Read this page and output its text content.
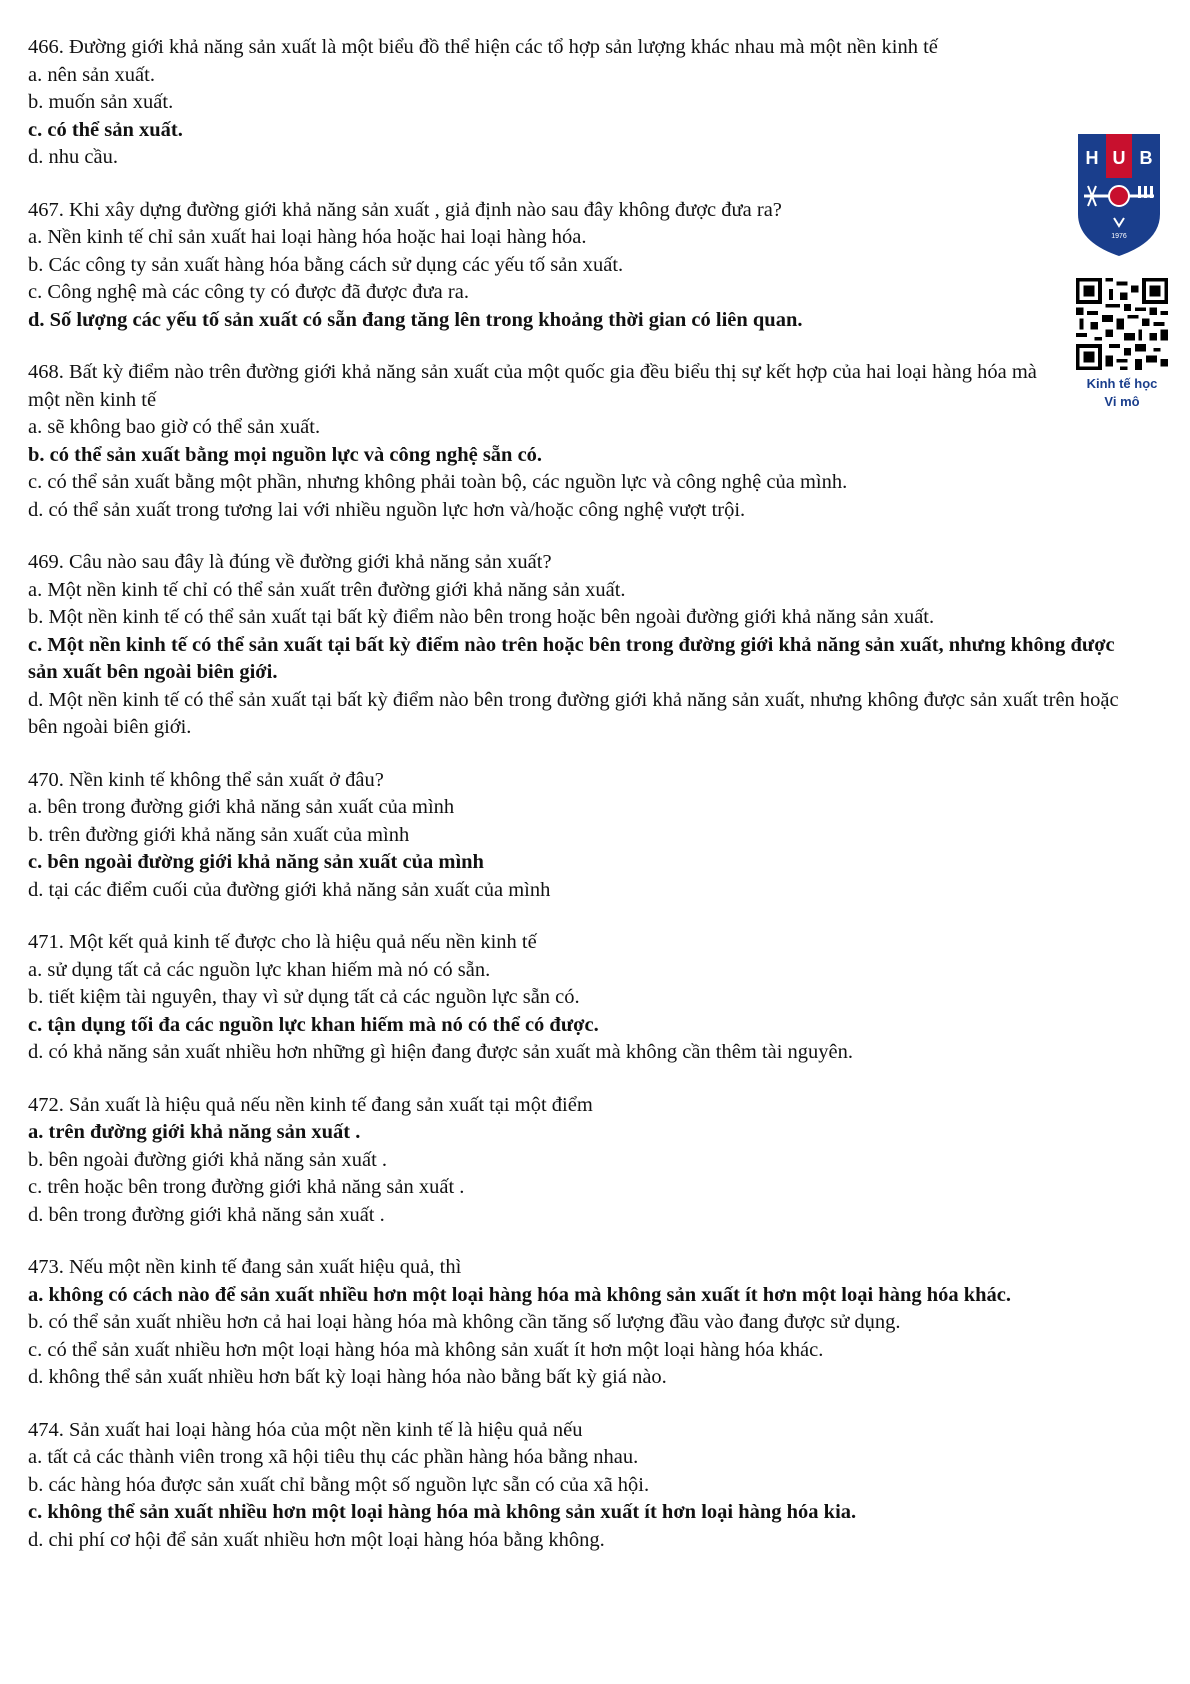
466. Đường giới khả năng sản xuất là một biểu đồ thể hiện các tổ hợp sản lượng khác nhau mà một nền kinh tế
a. nên sản xuất.
b. muốn sản xuất.
c. có thể sản xuất.
d. nhu cầu.
467. Khi xây dựng đường giới khả năng sản xuất , giả định nào sau đây không được đưa ra?
a. Nền kinh tế chỉ sản xuất hai loại hàng hóa hoặc hai loại hàng hóa.
b. Các công ty sản xuất hàng hóa bằng cách sử dụng các yếu tố sản xuất.
c. Công nghệ mà các công ty có được đã được đưa ra.
d. Số lượng các yếu tố sản xuất có sẵn đang tăng lên trong khoảng thời gian có liên quan.
468. Bất kỳ điểm nào trên đường giới khả năng sản xuất của một quốc gia đều biểu thị sự kết hợp của hai loại hàng hóa mà một nền kinh tế
a. sẽ không bao giờ có thể sản xuất.
b. có thể sản xuất bằng mọi nguồn lực và công nghệ sẵn có.
c. có thể sản xuất bằng một phần, nhưng không phải toàn bộ, các nguồn lực và công nghệ của mình.
d. có thể sản xuất trong tương lai với nhiều nguồn lực hơn và/hoặc công nghệ vượt trội.
469. Câu nào sau đây là đúng về đường giới khả năng sản xuất?
a. Một nền kinh tế chỉ có thể sản xuất trên đường giới khả năng sản xuất.
b. Một nền kinh tế có thể sản xuất tại bất kỳ điểm nào bên trong hoặc bên ngoài đường giới khả năng sản xuất.
c. Một nền kinh tế có thể sản xuất tại bất kỳ điểm nào trên hoặc bên trong đường giới khả năng sản xuất, nhưng không được sản xuất bên ngoài biên giới.
d. Một nền kinh tế có thể sản xuất tại bất kỳ điểm nào bên trong đường giới khả năng sản xuất, nhưng không được sản xuất trên hoặc bên ngoài biên giới.
470. Nền kinh tế không thể sản xuất ở đâu?
a. bên trong đường giới khả năng sản xuất của mình
b. trên đường giới khả năng sản xuất của mình
c. bên ngoài đường giới khả năng sản xuất của mình
d. tại các điểm cuối của đường giới khả năng sản xuất của mình
471. Một kết quả kinh tế được cho là hiệu quả nếu nền kinh tế
a. sử dụng tất cả các nguồn lực khan hiếm mà nó có sẵn.
b. tiết kiệm tài nguyên, thay vì sử dụng tất cả các nguồn lực sẵn có.
c. tận dụng tối đa các nguồn lực khan hiếm mà nó có thể có được.
d. có khả năng sản xuất nhiều hơn những gì hiện đang được sản xuất mà không cần thêm tài nguyên.
472. Sản xuất là hiệu quả nếu nền kinh tế đang sản xuất tại một điểm
a. trên đường giới khả năng sản xuất .
b. bên ngoài đường giới khả năng sản xuất .
c. trên hoặc bên trong đường giới khả năng sản xuất .
d. bên trong đường giới khả năng sản xuất .
473. Nếu một nền kinh tế đang sản xuất hiệu quả, thì
a. không có cách nào để sản xuất nhiều hơn một loại hàng hóa mà không sản xuất ít hơn một loại hàng hóa khác.
b. có thể sản xuất nhiều hơn cả hai loại hàng hóa mà không cần tăng số lượng đầu vào đang được sử dụng.
c. có thể sản xuất nhiều hơn một loại hàng hóa mà không sản xuất ít hơn một loại hàng hóa khác.
d. không thể sản xuất nhiều hơn bất kỳ loại hàng hóa nào bằng bất kỳ giá nào.
474. Sản xuất hai loại hàng hóa của một nền kinh tế là hiệu quả nếu
a. tất cả các thành viên trong xã hội tiêu thụ các phần hàng hóa bằng nhau.
b. các hàng hóa được sản xuất chỉ bằng một số nguồn lực sẵn có của xã hội.
c. không thể sản xuất nhiều hơn một loại hàng hóa mà không sản xuất ít hơn loại hàng hóa kia.
d. chi phí cơ hội để sản xuất nhiều hơn một loại hàng hóa bằng không.
H U B
1976
Kinh tế học
Vi mô
